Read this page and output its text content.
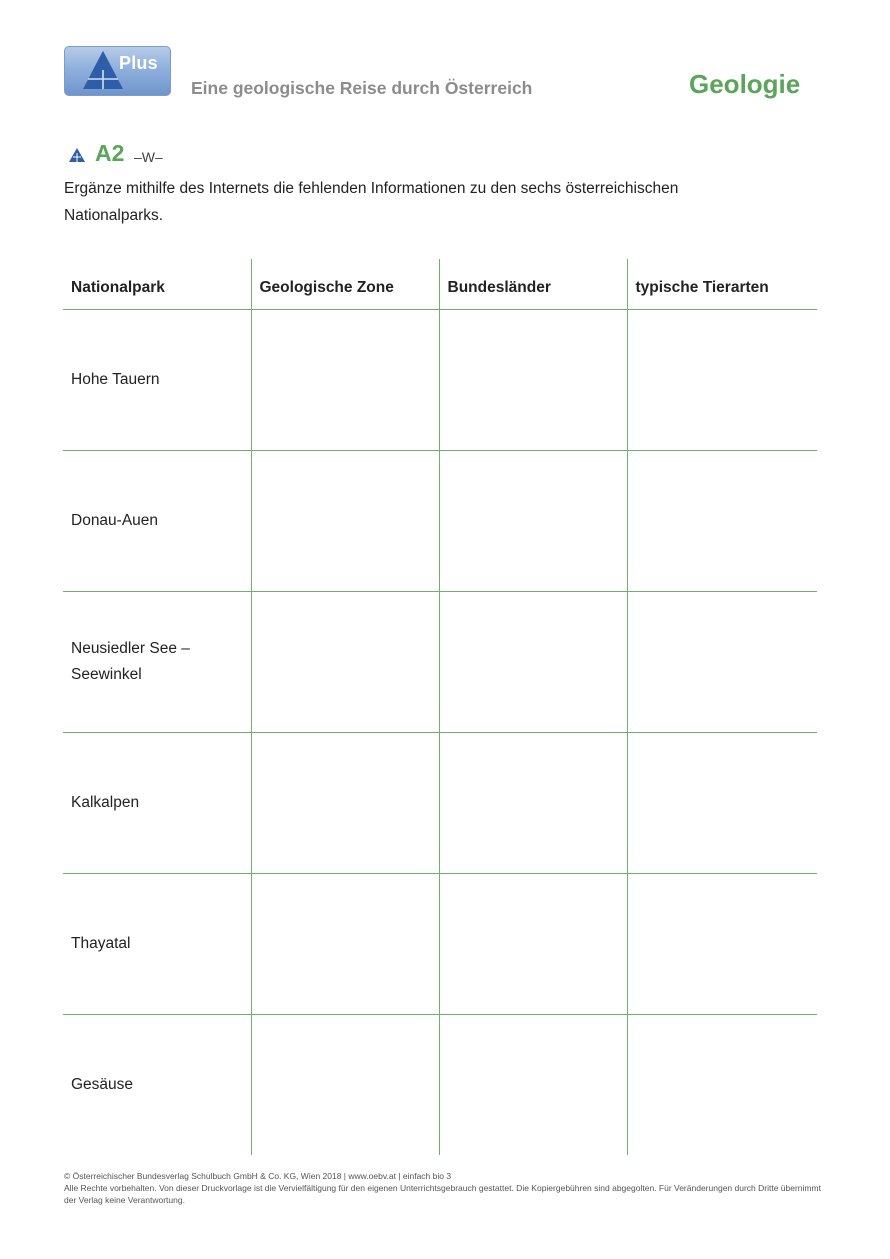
Plus
Eine geologische Reise durch Österreich	Geologie
A2 –W–
Ergänze mithilfe des Internets die fehlenden Informationen zu den sechs österreichischen Nationalparks.
Nationalpark	Geologische Zone	Bundesländer	typische Tierarten
Hohe Tauern			
Donau-Auen			
Neusiedler See – Seewinkel			
Kalkalpen			
Thayatal			
Gesäuse			
© Österreichischer Bundesverlag Schulbuch GmbH & Co. KG, Wien 2018 | www.oebv.at | einfach bio 3
Alle Rechte vorbehalten. Von dieser Druckvorlage ist die Vervielfältigung für den eigenen Unterrichtsgebrauch gestattet. Die Kopiergebühren sind abgegolten. Für Veränderungen durch Dritte übernimmt der Verlag keine Verantwortung.
